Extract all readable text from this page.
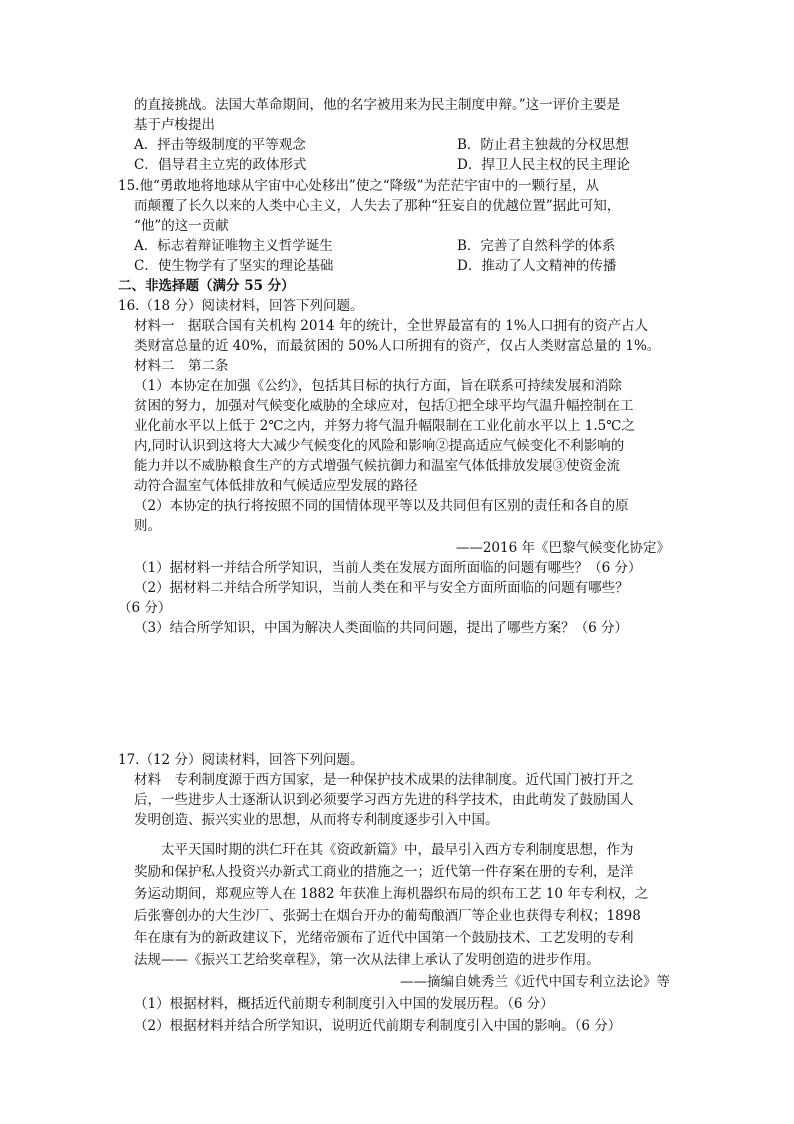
的直接挑战。法国大革命期间，他的名字被用来为民主制度申辩。”这一评价主要是
基于卢梭提出
A．抨击等级制度的平等观念	B．防止君主独裁的分权思想
C．倡导君主立宪的政体形式	D．捍卫人民主权的民主理论
15.他“勇敢地将地球从宇宙中心处移出”使之“降级”为茫茫宇宙中的一颗行星，从
而颠覆了长久以来的人类中心主义，人失去了那种“狂妄自的优越位置”据此可知，
“他”的这一贡献
A．标志着辩证唯物主义哲学诞生	B．完善了自然科学的体系
C．使生物学有了坚实的理论基础	D．推动了人文精神的传播
二、非选择题（满分 55 分）
16.（18 分）阅读材料，回答下列问题。
材料一　据联合国有关机构 2014 年的统计，全世界最富有的 1%人口拥有的资产占人
类财富总量的近 40%，而最贫困的 50%人口所拥有的资产，仅占人类财富总量的 1%。
材料二　第二条
（1）本协定在加强《公约》，包括其目标的执行方面，旨在联系可持续发展和消除
贫困的努力，加强对气候变化威胁的全球应对，包括①把全球平均气温升幅控制在工
业化前水平以上低于 2℃之内，并努力将气温升幅限制在工业化前水平以上 1.5℃之
内,同时认识到这将大大减少气候变化的风险和影响②提高适应气候变化不利影响的
能力并以不威胁粮食生产的方式增强气候抗御力和温室气体低排放发展③使资金流
动符合温室气体低排放和气候适应型发展的路径
（2）本协定的执行将按照不同的国情体现平等以及共同但有区别的责任和各自的原
则。
——2016 年《巴黎气候变化协定》
（1）据材料一并结合所学知识，当前人类在发展方面所面临的问题有哪些？（6 分）
（2）据材料二并结合所学知识，当前人类在和平与安全方面所面临的问题有哪些？
（6 分）
（3）结合所学知识，中国为解决人类面临的共同问题，提出了哪些方案？（6 分）
17.（12 分）阅读材料，回答下列问题。
材料　专利制度源于西方国家，是一种保护技术成果的法律制度。近代国门被打开之
后，一些进步人士逐渐认识到必须要学习西方先进的科学技术，由此萌发了鼓励国人
发明创造、振兴实业的思想，从而将专利制度逐步引入中国。
　　太平天国时期的洪仁玕在其《资政新篇》中，最早引入西方专利制度思想，作为
奖励和保护私人投资兴办新式工商业的措施之一；近代第一件存案在册的专利，是洋
务运动期间，郑观应等人在 1882 年获准上海机器织布局的织布工艺 10 年专利权，之
后张謇创办的大生沙厂、张弼士在烟台开办的葡萄酿酒厂等企业也获得专利权；1898
年在康有为的新政建议下，光绪帝颁布了近代中国第一个鼓励技术、工艺发明的专利
法规——《振兴工艺给奖章程》，第一次从法律上承认了发明创造的进步作用。
——摘编自姚秀兰《近代中国专利立法论》等
（1）根据材料，概括近代前期专利制度引入中国的发展历程。（6 分）
（2）根据材料并结合所学知识，说明近代前期专利制度引入中国的影响。（6 分）
